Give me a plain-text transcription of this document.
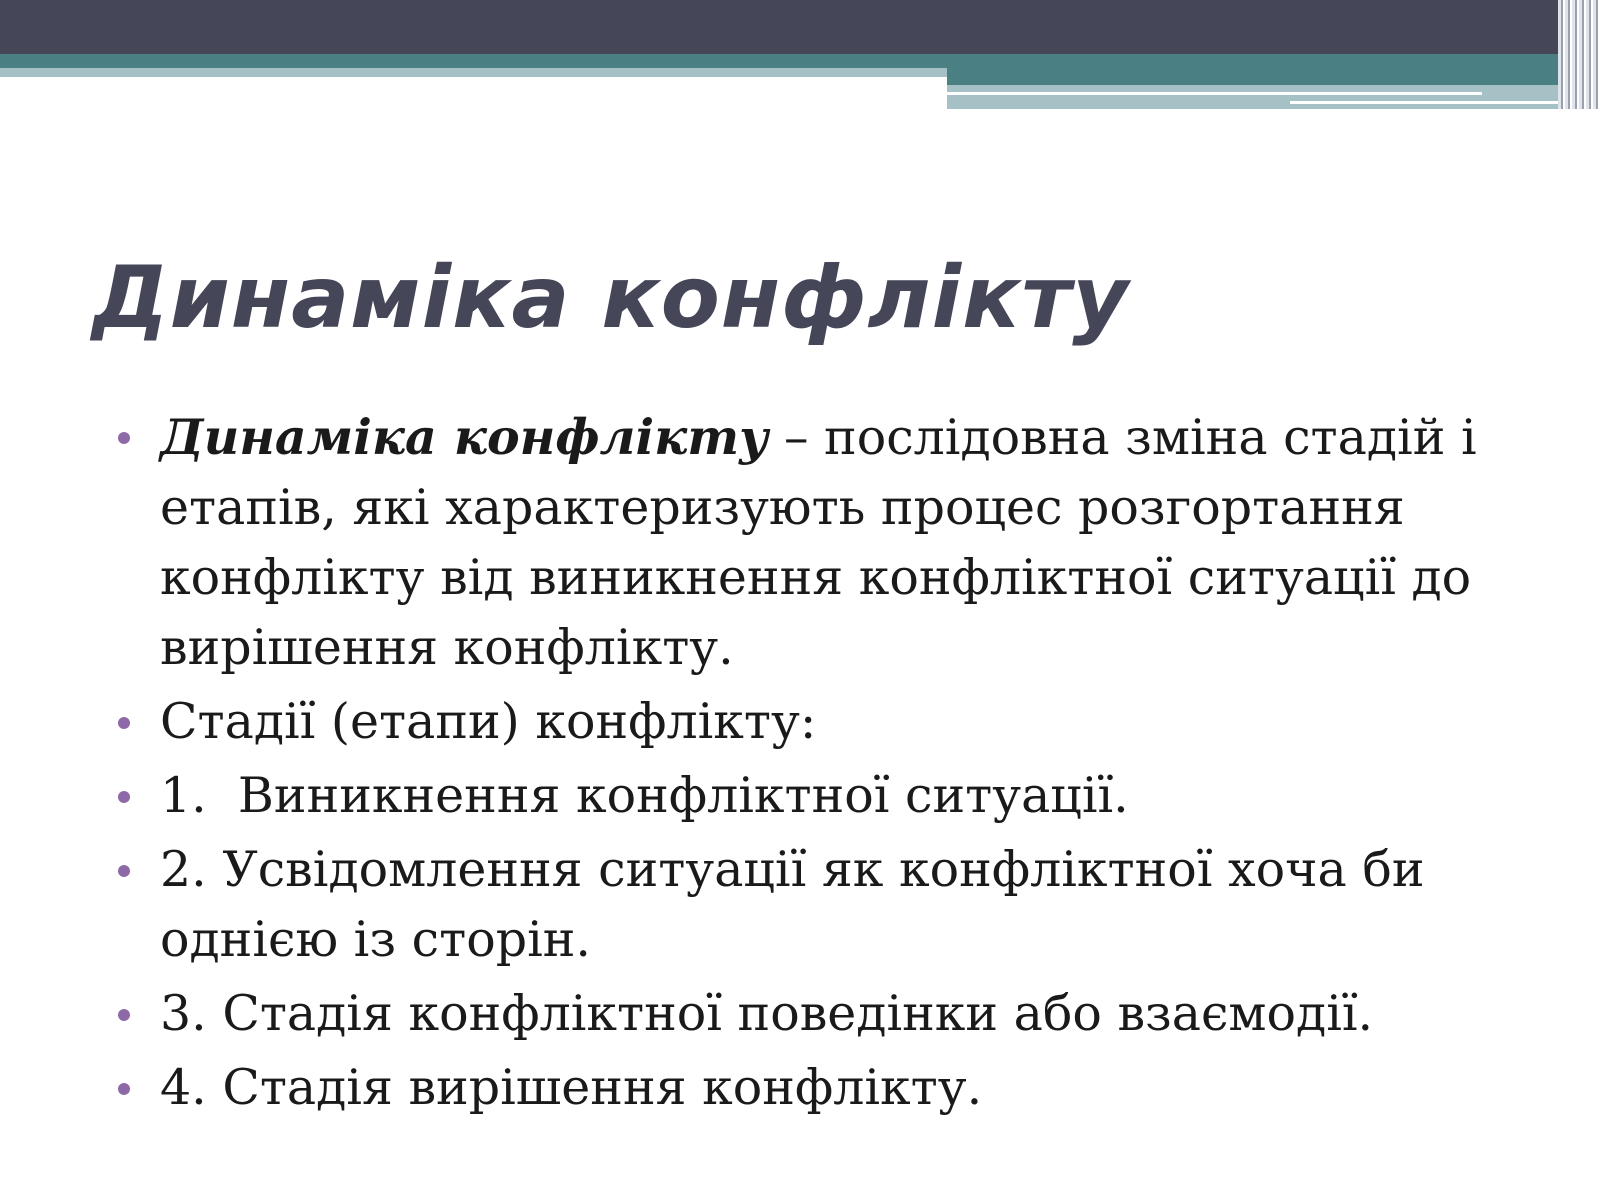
Динаміка конфлікту
Динаміка конфлікту – послідовна зміна стадій і етапів, які характеризують процес розгортання конфлікту від виникнення конфліктної ситуації до вирішення конфлікту.
Стадії (етапи) конфлікту:
1.  Виникнення конфліктної ситуації.
2. Усвідомлення ситуації як конфліктної хоча би однією із сторін.
3. Стадія конфліктної поведінки або взаємодії.
4. Стадія вирішення конфлікту.
